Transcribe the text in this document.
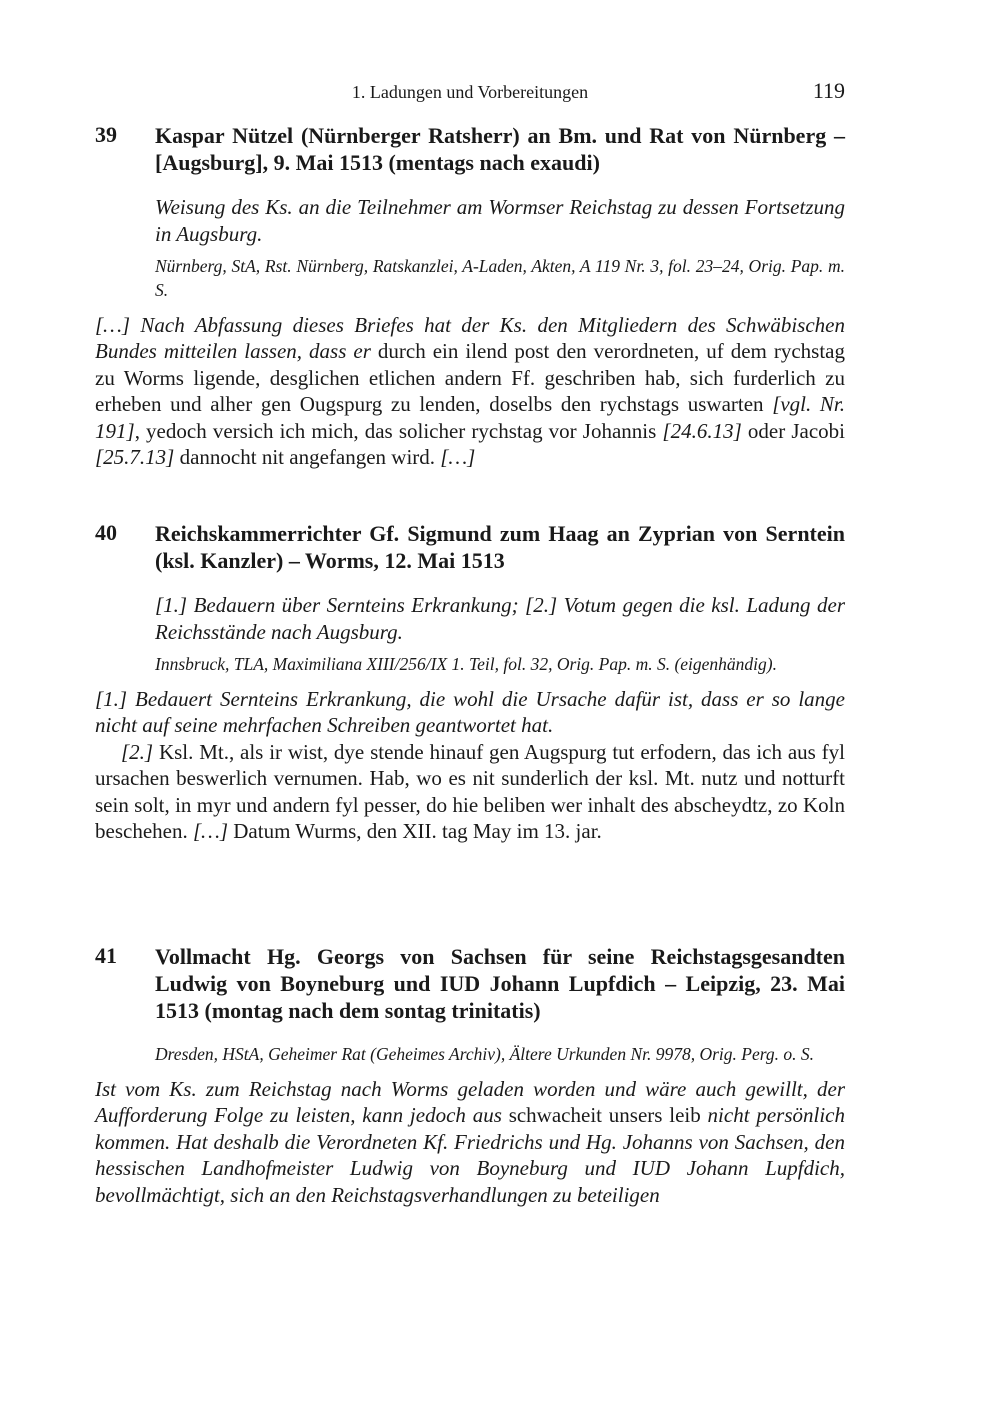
1. Ladungen und Vorbereitungen	119
39 Kaspar Nützel (Nürnberger Ratsherr) an Bm. und Rat von Nürnberg – [Augsburg], 9. Mai 1513 (mentags nach exaudi)
Weisung des Ks. an die Teilnehmer am Wormser Reichstag zu dessen Fortsetzung in Augsburg.
Nürnberg, StA, Rst. Nürnberg, Ratskanzlei, A-Laden, Akten, A 119 Nr. 3, fol. 23–24, Orig. Pap. m. S.

[…] Nach Abfassung dieses Briefes hat der Ks. den Mitgliedern des Schwäbischen Bundes mitteilen lassen, dass er durch ein ilend post den verordneten, uf dem rychstag zu Worms ligende, desglichen etlichen andern Ff. geschriben hab, sich furderlich zu erheben und alher gen Ougspurg zu lenden, doselbs den rychstags uswarten [vgl. Nr. 191], yedoch versich ich mich, das solicher rychstag vor Johannis [24.6.13] oder Jacobi [25.7.13] dannocht nit angefangen wird. […]

40 Reichskammerrichter Gf. Sigmund zum Haag an Zyprian von Serntein (ksl. Kanzler) – Worms, 12. Mai 1513
[1.] Bedauern über Sernteins Erkrankung; [2.] Votum gegen die ksl. Ladung der Reichsstände nach Augsburg.
Innsbruck, TLA, Maximiliana XIII/256/IX 1. Teil, fol. 32, Orig. Pap. m. S. (eigenhändig).

[1.] Bedauert Sernteins Erkrankung, die wohl die Ursache dafür ist, dass er so lange nicht auf seine mehrfachen Schreiben geantwortet hat.

[2.] Ksl. Mt., als ir wist, dye stende hinauf gen Augspurg tut erfodern, das ich aus fyl ursachen beswerlich vernumen. Hab, wo es nit sunderlich der ksl. Mt. nutz und notturft sein solt, in myr und andern fyl pesser, do hie beliben wer inhalt des abscheydtz, zo Koln beschehen. […] Datum Wurms, den XII. tag May im 13. jar.

41 Vollmacht Hg. Georgs von Sachsen für seine Reichstagsgesandten Ludwig von Boyneburg und IUD Johann Lupfdich – Leipzig, 23. Mai 1513 (montag nach dem sontag trinitatis)
Dresden, HStA, Geheimer Rat (Geheimes Archiv), Ältere Urkunden Nr. 9978, Orig. Perg. o. S.

Ist vom Ks. zum Reichstag nach Worms geladen worden und wäre auch gewillt, der Aufforderung Folge zu leisten, kann jedoch aus schwacheit unsers leib nicht persönlich kommen. Hat deshalb die Verordneten Kf. Friedrichs und Hg. Johanns von Sachsen, den hessischen Landhofmeister Ludwig von Boyneburg und IUD Johann Lupfdich, bevollmächtigt, sich an den Reichstagsverhandlungen zu beteiligen
